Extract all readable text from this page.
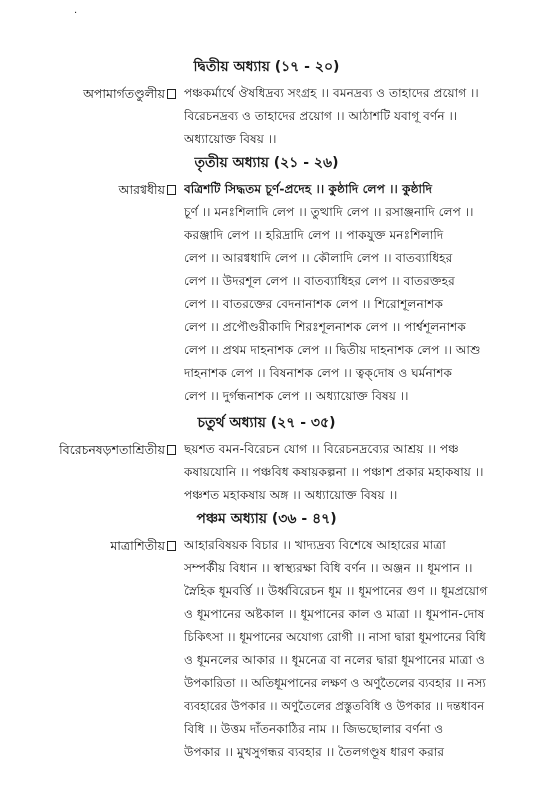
·
দ্বিতীয় অধ্যায় (১৭ - ২০)
অপামার্গতণ্ডুলীয়	পঞ্চকর্মার্থে ঔষধিদ্রব্য সংগ্রহ ।। বমনদ্রব্য ও তাহাদের প্রয়োগ ।।
বিরেচনদ্রব্য ও তাহাদের প্রয়োগ ।। আঠাশটি যবাগূ বর্ণন ।।
অধ্যায়োক্ত বিষয় ।।
তৃতীয় অধ্যায় (২১ - ২৬)
আরগ্বধীয়	বত্রিশটি সিদ্ধতম চূর্ণ-প্রদেহ ।। কুষ্ঠাদি লেপ ।। কুষ্ঠাদি
চূর্ণ ।। মনঃশিলাদি লেপ ।। তুত্থাদি লেপ ।। রসাঞ্জনাদি লেপ ।।
করঞ্জাদি লেপ ।। হরিদ্রাদি লেপ ।। পাকযুক্ত মনঃশিলাদি
লেপ ।। আরগ্বধাদি লেপ ।। কৌলাদি লেপ ।। বাতব্যাধিহর
লেপ ।। উদরশূল লেপ ।। বাতব্যাধিহর লেপ ।। বাতরক্তহর
লেপ ।। বাতরক্তের বেদনানাশক লেপ ।। শিরোশূলনাশক
লেপ ।। প্রপৌণ্ডরীকাদি শিরঃশূলনাশক লেপ ।। পার্শ্বশূলনাশক
লেপ ।। প্রথম দাহনাশক লেপ ।। দ্বিতীয় দাহনাশক লেপ ।। আশু
দাহনাশক লেপ ।। বিষনাশক লেপ ।। ত্বক্‌দোষ ও ঘর্মনাশক
লেপ ।। দুর্গন্ধনাশক লেপ ।। অধ্যায়োক্ত বিষয় ।।
চতুর্থ অধ্যায় (২৭ - ৩৫)
বিরেচনষড়শতাশ্রিতীয়	ছয়শত বমন-বিরেচন যোগ ।। বিরেচনদ্রব্যের আশ্রয় ।। পঞ্চ
কষায়যোনি ।। পঞ্চবিধ কষায়কল্পনা ।। পঞ্চাশ প্রকার মহাকষায় ।।
পঞ্চশত মহাকষায় অঙ্গ ।। অধ্যায়োক্ত বিষয় ।।
পঞ্চম অধ্যায় (৩৬ - ৪৭)
মাত্রাশিতীয়	আহারবিষয়ক বিচার ।। খাদ্যদ্রব্য বিশেষে আহারের মাত্রা
সম্পর্কীয় বিধান ।। স্বাস্থ্যরক্ষা বিধি বর্ণন ।। অঞ্জন ।। ধূমপান ।।
স্নৈহিক ধূমবর্ত্তি ।। উর্ধ্ববিরেচন ধূম ।। ধূমপানের গুণ ।। ধূমপ্রয়োগ
ও ধূমপানের অষ্টকাল ।। ধূমপানের কাল ও মাত্রা ।। ধূমপান-দোষ
চিকিৎসা ।। ধূমপানের অযোগ্য রোগী ।। নাসা দ্বারা ধূমপানের বিধি
ও ধূমনলের আকার ।। ধূমনেত্র বা নলের দ্বারা ধূমপানের মাত্রা ও
উপকারিতা ।। অতিধূমপানের লক্ষণ ও অণুতৈলের ব্যবহার ।। নস্য
ব্যবহারের উপকার ।। অণুতৈলের প্রস্তুতবিধি ও উপকার ।। দন্তধাবন
বিধি ।। উত্তম দাঁতনকাঠির নাম ।। জিভছোলার বর্ণনা ও
উপকার ।। মুখসুগন্ধর ব্যবহার ।। তৈলগণ্ডূষ ধারণ করার
